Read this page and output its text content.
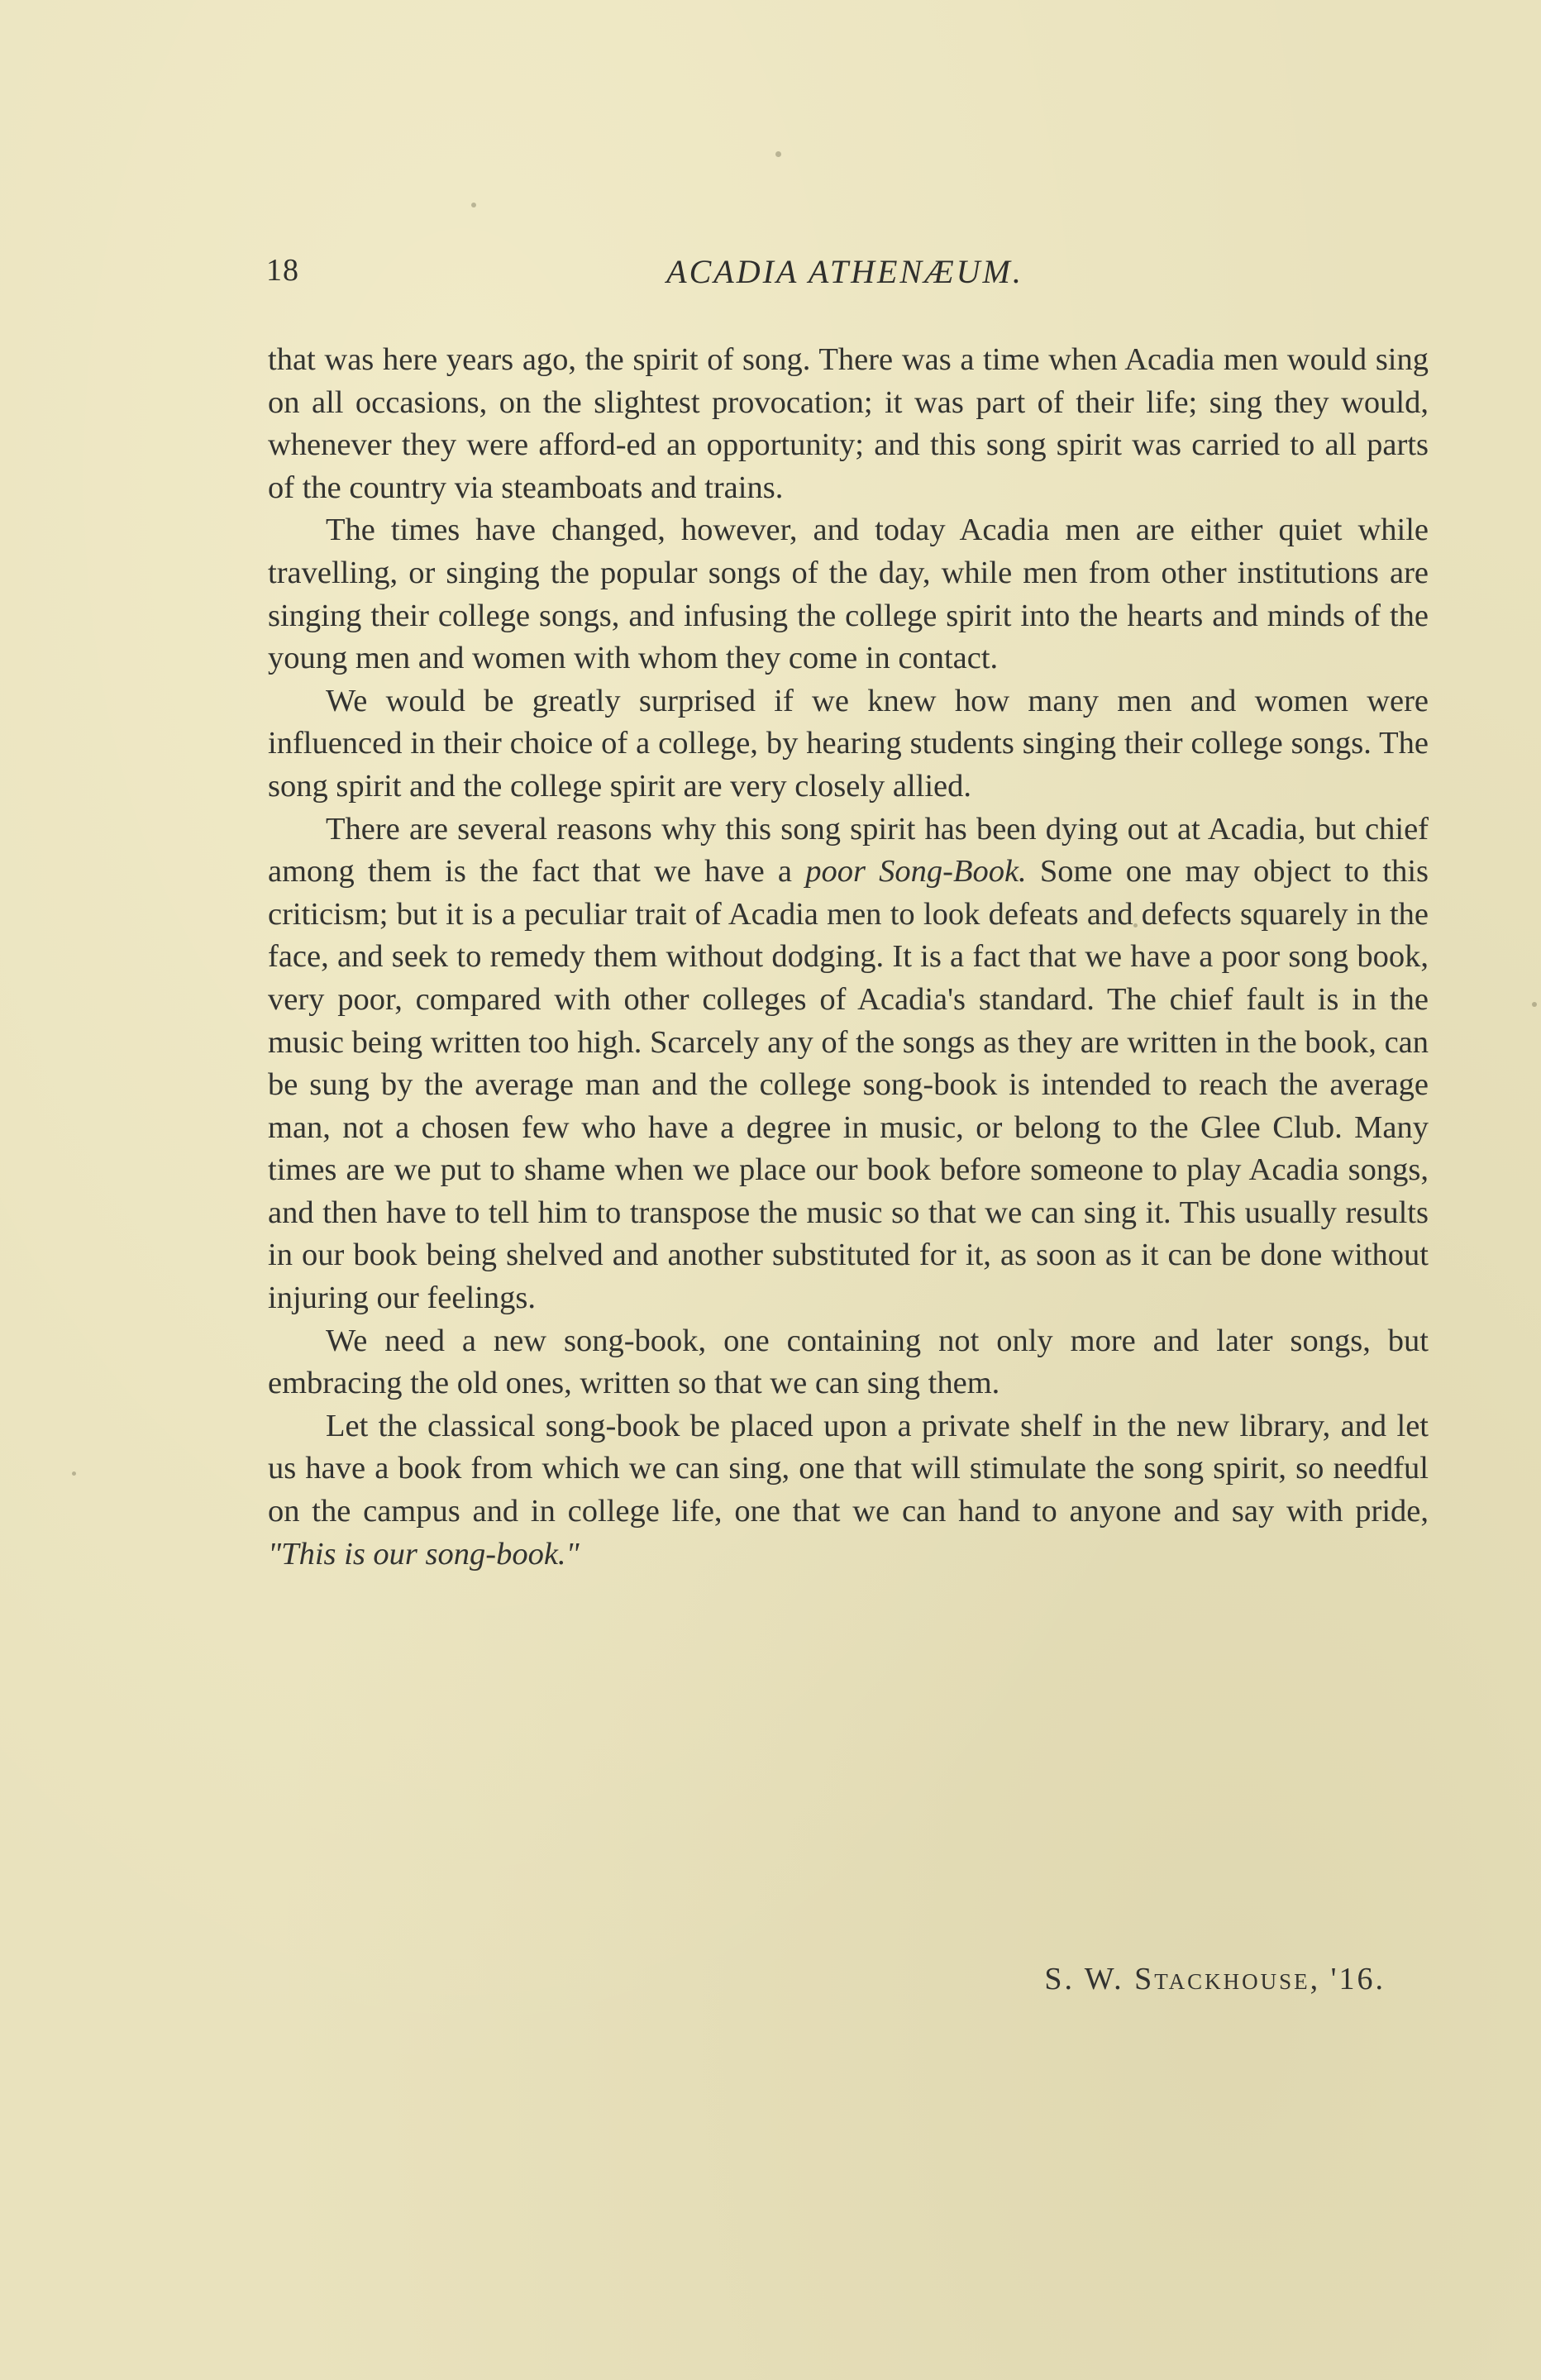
18	ACADIA ATHENÆUM.

that was here years ago, the spirit of song. There was a time when Acadia men would sing on all occasions, on the slightest provocation; it was part of their life; sing they would, whenever they were afford-ed an opportunity; and this song spirit was carried to all parts of the country via steamboats and trains.

The times have changed, however, and today Acadia men are either quiet while travelling, or singing the popular songs of the day, while men from other institutions are singing their college songs, and infusing the college spirit into the hearts and minds of the young men and women with whom they come in contact.

We would be greatly surprised if we knew how many men and women were influenced in their choice of a college, by hearing students singing their college songs. The song spirit and the college spirit are very closely allied.

There are several reasons why this song spirit has been dying out at Acadia, but chief among them is the fact that we have a poor Song-Book. Some one may object to this criticism; but it is a peculiar trait of Acadia men to look defeats and defects squarely in the face, and seek to remedy them without dodging. It is a fact that we have a poor song book, very poor, compared with other colleges of Acadia's standard. The chief fault is in the music being written too high. Scarcely any of the songs as they are written in the book, can be sung by the average man and the college song-book is intended to reach the average man, not a chosen few who have a degree in music, or belong to the Glee Club. Many times are we put to shame when we place our book before someone to play Acadia songs, and then have to tell him to transpose the music so that we can sing it. This usually results in our book being shelved and another substituted for it, as soon as it can be done without injuring our feelings.

We need a new song-book, one containing not only more and later songs, but embracing the old ones, written so that we can sing them.

Let the classical song-book be placed upon a private shelf in the new library, and let us have a book from which we can sing, one that will stimulate the song spirit, so needful on the campus and in college life, one that we can hand to anyone and say with pride, "This is our song-book."

S. W. Stackhouse, '16.
